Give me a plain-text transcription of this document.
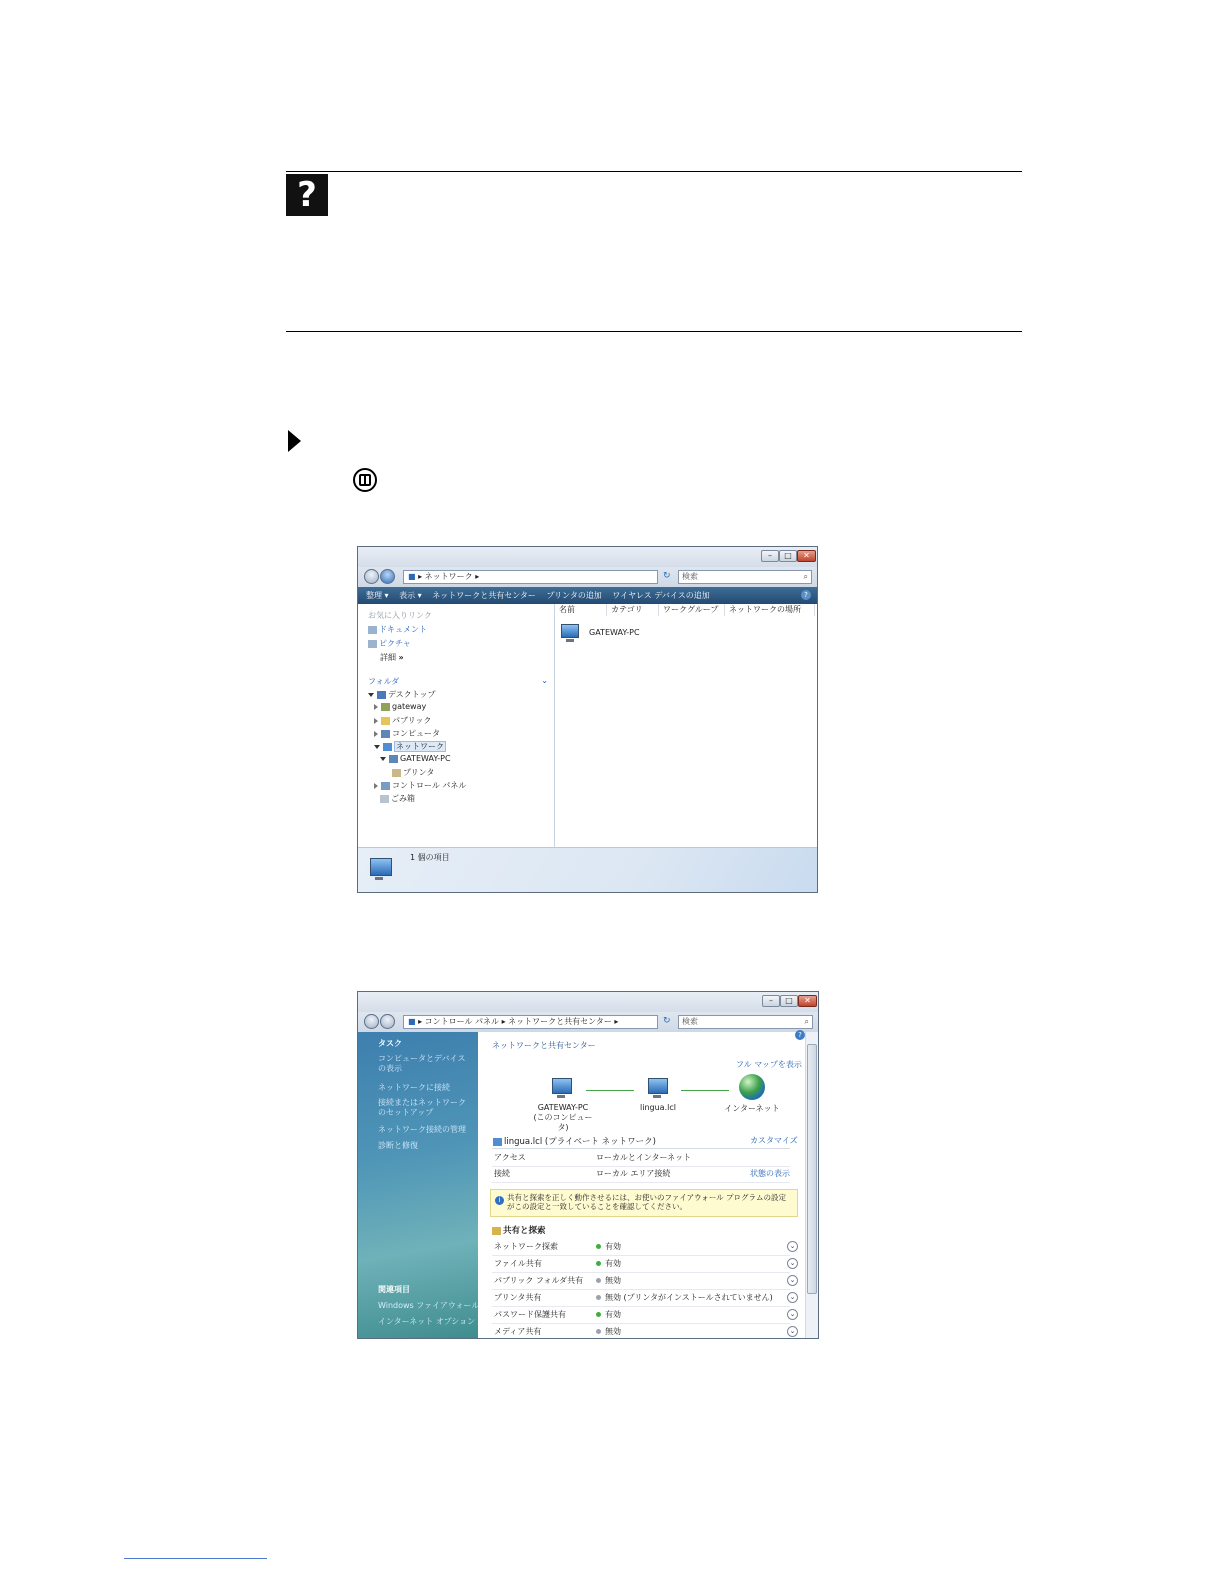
?
–	□	✕
■ ▸ ネットワーク ▸	↻	検索	⌕
整理 ▾ 表示 ▾ ネットワークと共有センター プリンタの追加 ワイヤレス デバイスの追加	?
お気に入りリンク
ドキュメント
ピクチャ
詳細 »
フォルダ	⌄
デスクトップ
gateway
パブリック
コンピュータ
ネットワーク
GATEWAY-PC
プリンタ
コントロール パネル
ごみ箱
名前	カテゴリ	ワークグループ	ネットワークの場所
GATEWAY-PC
1 個の項目
–	□	✕
■ ▸ コントロール パネル ▸ ネットワークと共有センター ▸	↻	検索	⌕
タスク
コンピュータとデバイスの表示
ネットワークに接続
接続またはネットワークのセットアップ
ネットワーク接続の管理
診断と修復
関連項目
Windows ファイアウォール
インターネット オプション
?
ネットワークと共有センター
フル マップを表示
GATEWAY-PC
(このコンピュータ)
lingua.lcl	インターネット
lingua.lcl (プライベート ネットワーク)	カスタマイズ
アクセス	ローカルとインターネット
接続	ローカル エリア接続	状態の表示
i 共有と探索を正しく動作させるには、お使いのファイアウォール プログラムの設定がこの設定と一致していることを確認してください。
共有と探索
ネットワーク探索	有効	⌄
ファイル共有	有効	⌄
パブリック フォルダ共有	無効	⌄
プリンタ共有	無効 (プリンタがインストールされていません)	⌄
パスワード保護共有	有効	⌄
メディア共有	無効	⌄
